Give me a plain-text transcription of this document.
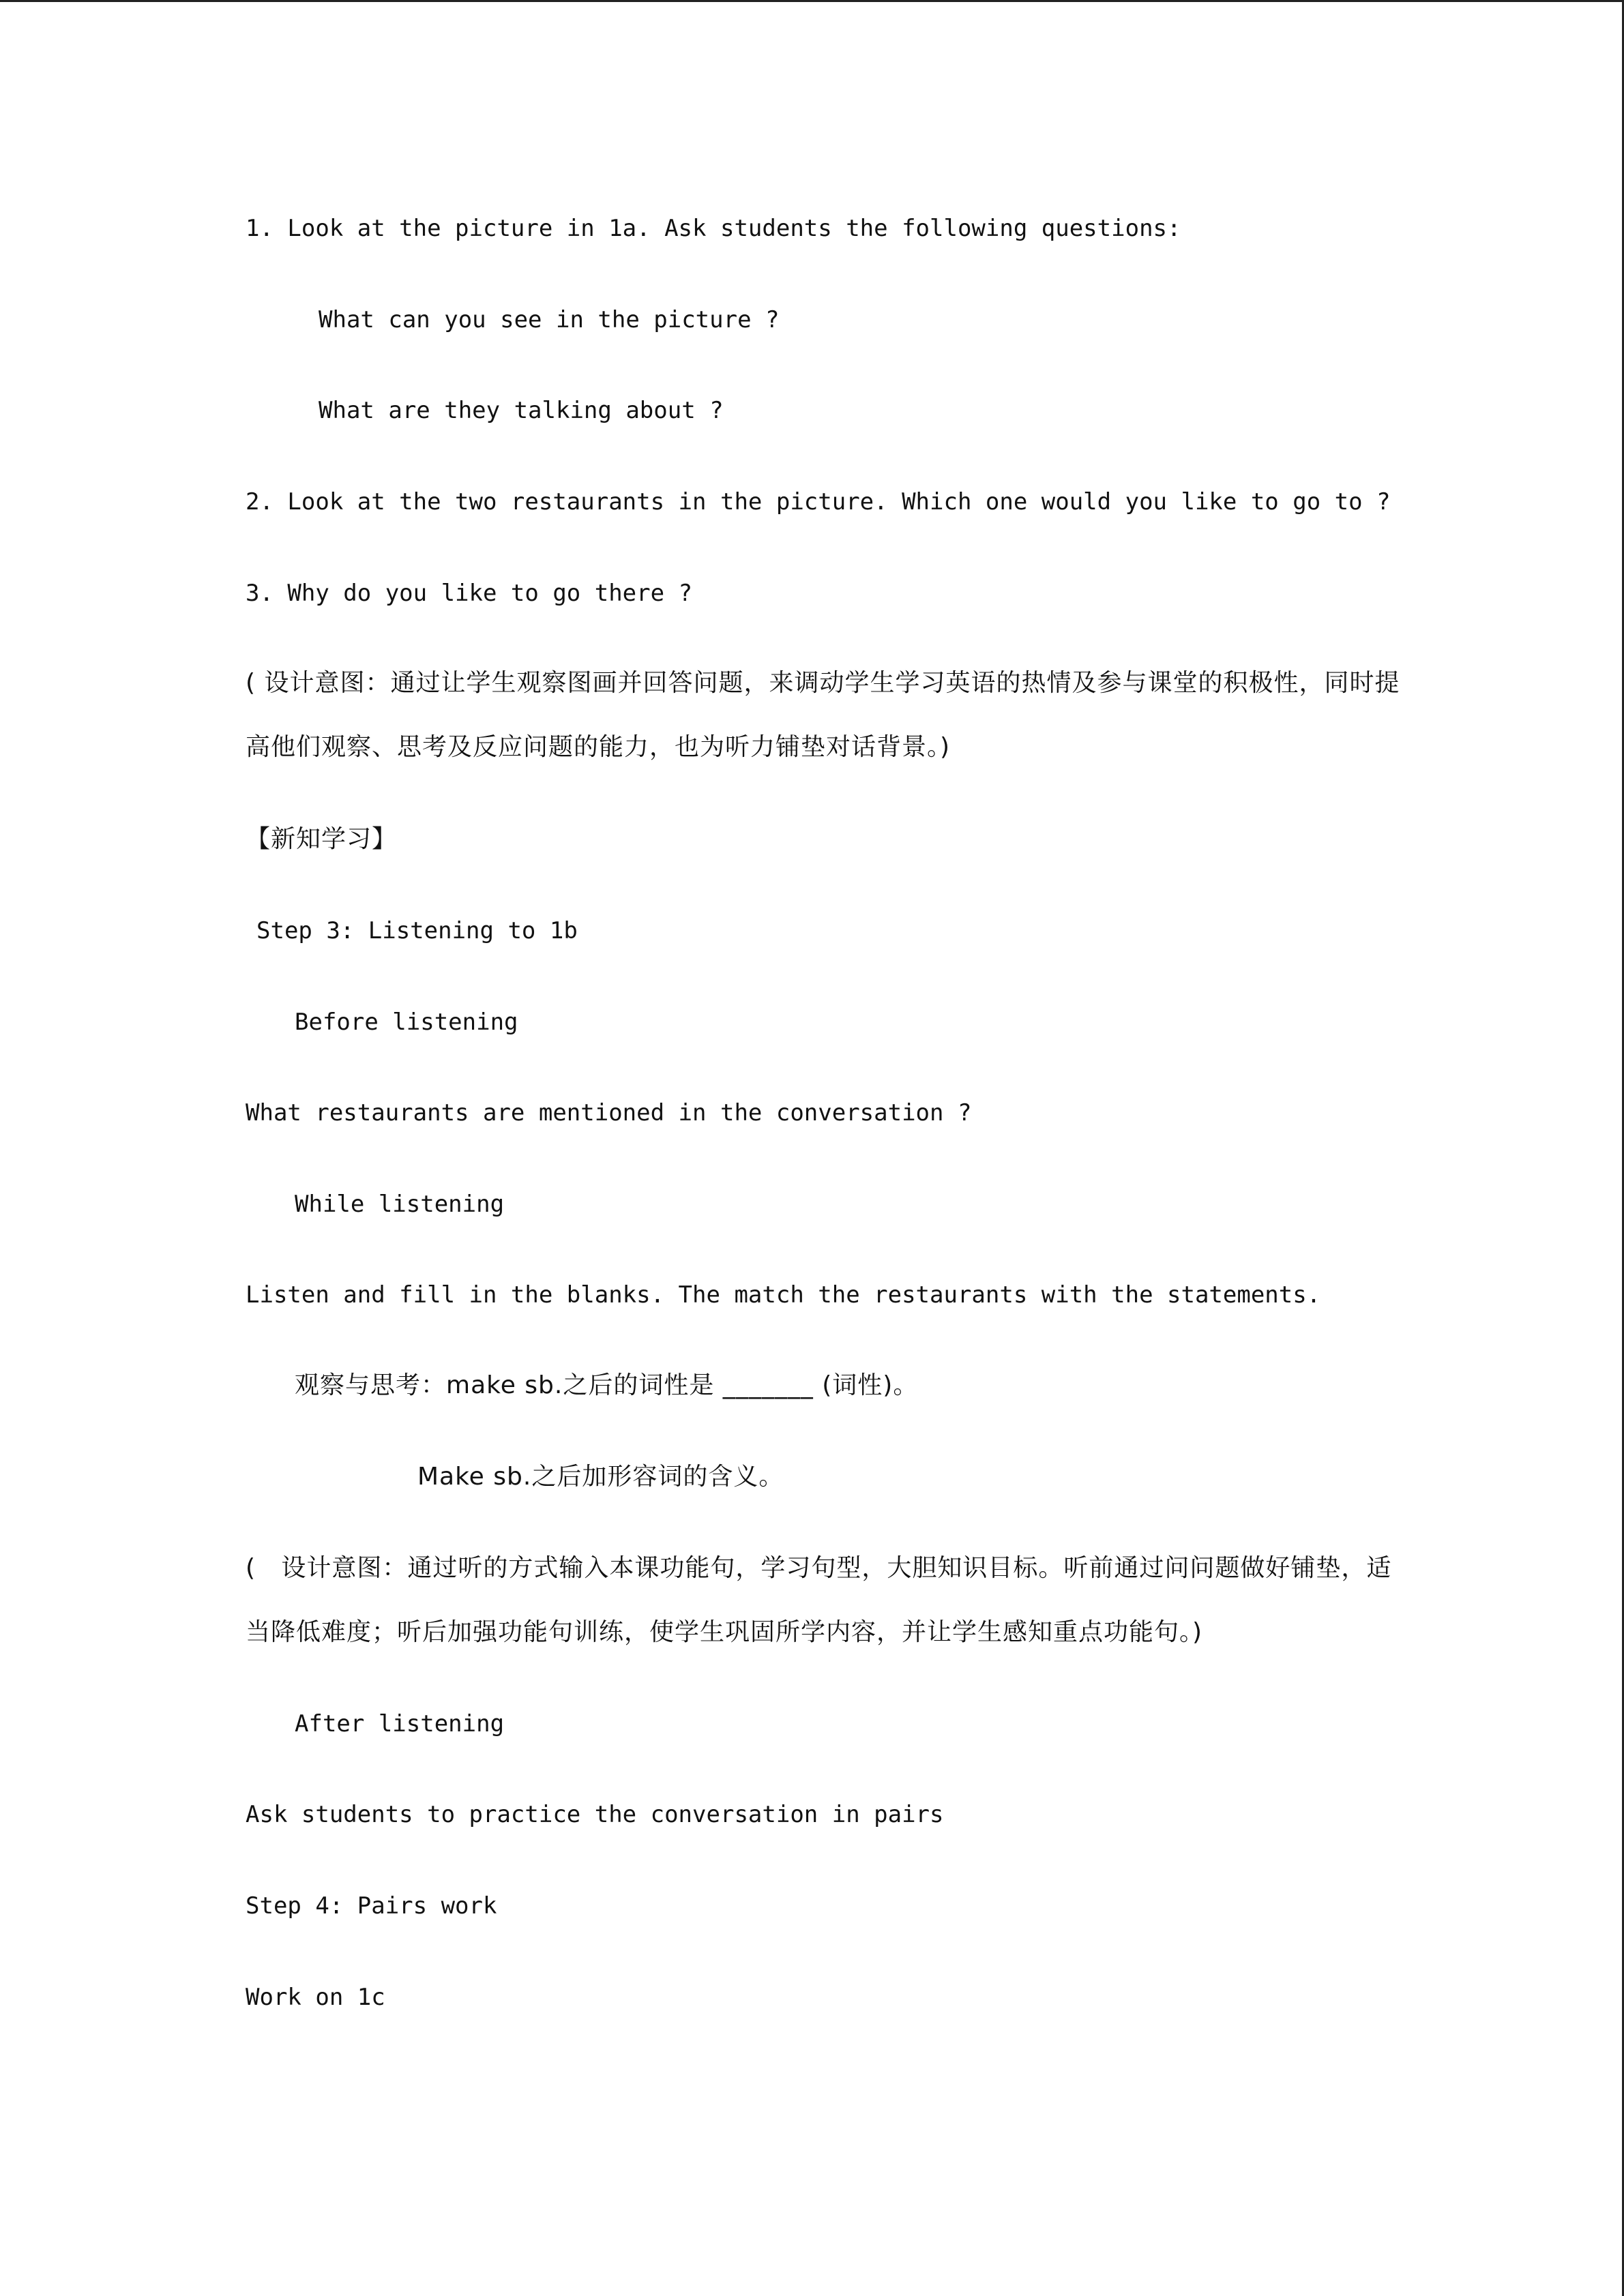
1. Look at the picture in 1a. Ask students the following questions:
What can you see in the picture ?
What are they talking about ?
2. Look at the two restaurants in the picture. Which one would you like to go to ?
3. Why do you like to go there ?
( 设计意图：通过让学生观察图画并回答问题，来调动学生学习英语的热情及参与课堂的积极性，同时提
高他们观察、思考及反应问题的能力，也为听力铺垫对话背景。)
【新知学习】
Step 3: Listening to 1b
Before listening
What restaurants are mentioned in the conversation ?
While listening
Listen and fill in the blanks. The match the restaurants with the statements.
观察与思考：make sb.之后的词性是 _______ (词性)。
Make sb.之后加形容词的含义。
(   设计意图：通过听的方式输入本课功能句，学习句型，大胆知识目标。听前通过问问题做好铺垫，适
当降低难度；听后加强功能句训练，使学生巩固所学内容，并让学生感知重点功能句。)
After listening
Ask students to practice the conversation in pairs
Step 4: Pairs work
Work on 1c
